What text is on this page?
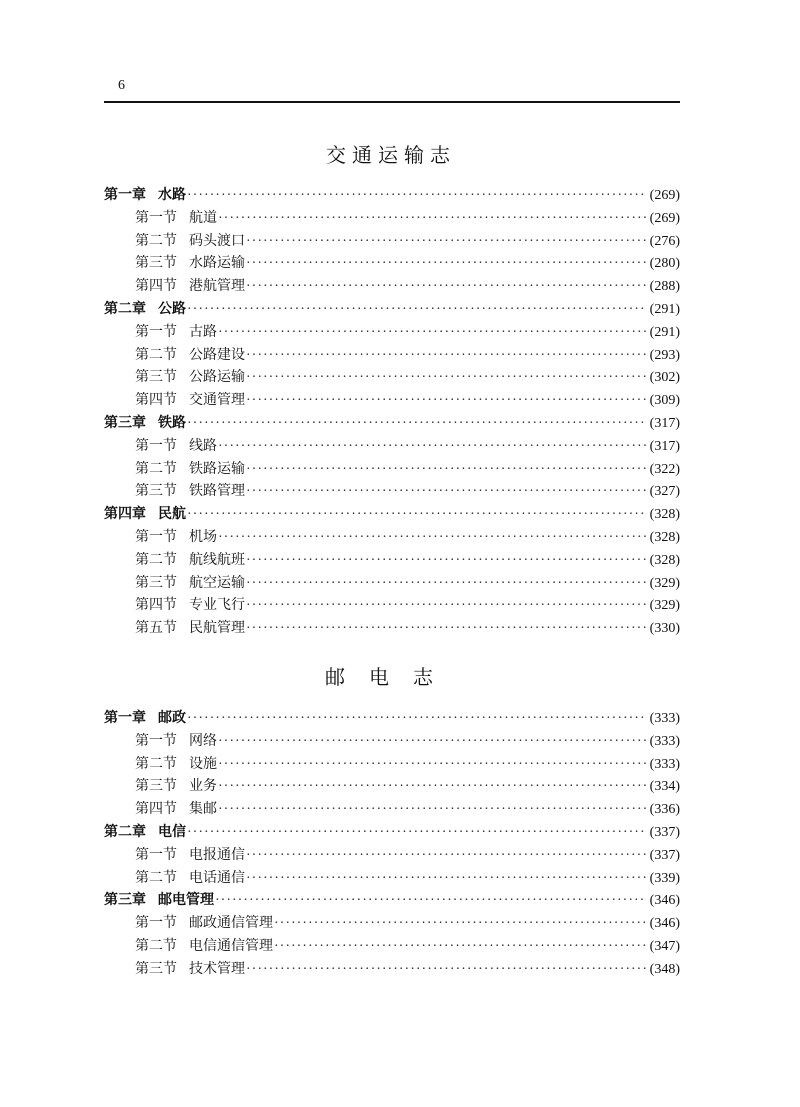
6
交通运输志
第一章 水路 ·····	(269)
第一节 航道 ·····	(269)
第二节 码头渡口 ·····	(276)
第三节 水路运输 ·····	(280)
第四节 港航管理 ·····	(288)
第二章 公路 ·····	(291)
第一节 古路 ·····	(291)
第二节 公路建设 ·····	(293)
第三节 公路运输 ·····	(302)
第四节 交通管理 ·····	(309)
第三章 铁路 ·····	(317)
第一节 线路 ·····	(317)
第二节 铁路运输 ·····	(322)
第三节 铁路管理 ·····	(327)
第四章 民航 ·····	(328)
第一节 机场 ·····	(328)
第二节 航线航班 ·····	(328)
第三节 航空运输 ·····	(329)
第四节 专业飞行 ·····	(329)
第五节 民航管理 ·····	(330)
邮电志
第一章 邮政 ·····	(333)
第一节 网络 ·····	(333)
第二节 设施 ·····	(333)
第三节 业务 ·····	(334)
第四节 集邮 ·····	(336)
第二章 电信 ·····	(337)
第一节 电报通信 ·····	(337)
第二节 电话通信 ·····	(339)
第三章 邮电管理 ·····	(346)
第一节 邮政通信管理 ·····	(346)
第二节 电信通信管理 ·····	(347)
第三节 技术管理 ·····	(348)
